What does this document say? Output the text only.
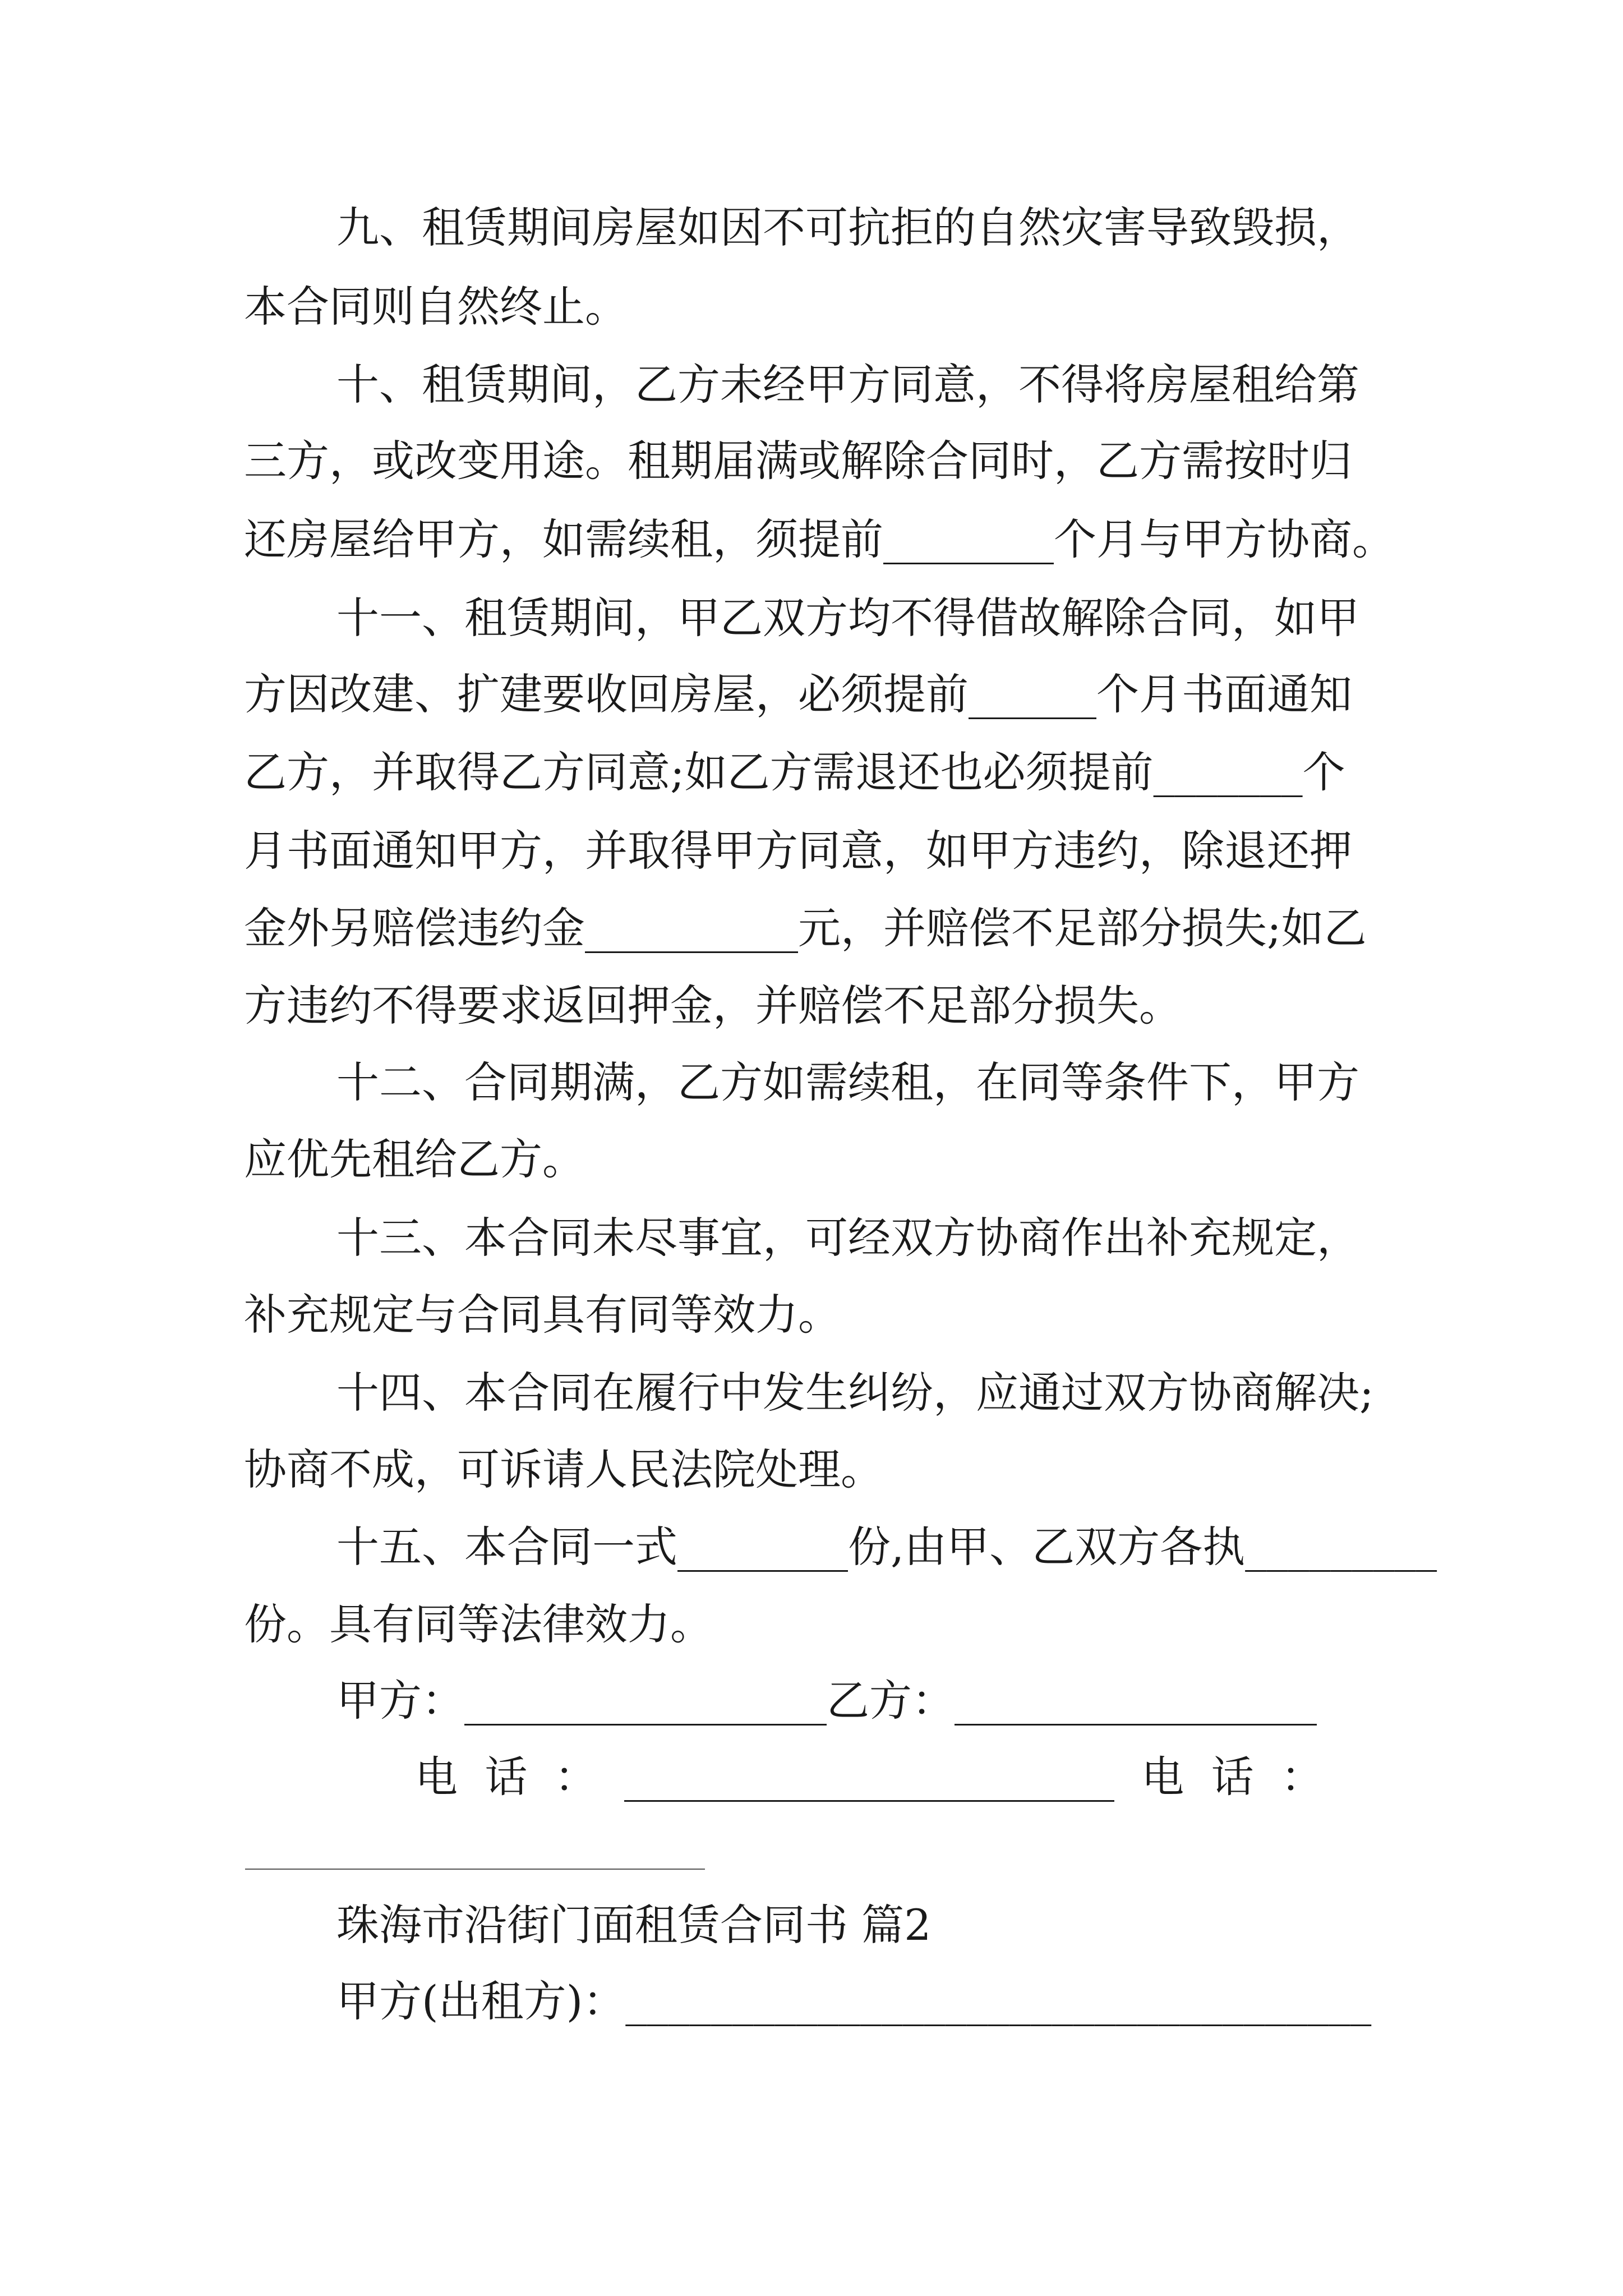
九、租赁期间房屋如因不可抗拒的自然灾害导致毁损，
本合同则自然终止。
十、租赁期间，乙方未经甲方同意，不得将房屋租给第
三方，或改变用途。租期届满或解除合同时，乙方需按时归
还房屋给甲方，如需续租，须提前________个月与甲方协商。
十一、租赁期间，甲乙双方均不得借故解除合同，如甲
方因改建、扩建要收回房屋，必须提前______个月书面通知
乙方，并取得乙方同意;如乙方需退还也必须提前_______个
月书面通知甲方，并取得甲方同意，如甲方违约，除退还押
金外另赔偿违约金__________元，并赔偿不足部分损失;如乙
方违约不得要求返回押金，并赔偿不足部分损失。
十二、合同期满，乙方如需续租，在同等条件下，甲方
应优先租给乙方。
十三、本合同未尽事宜，可经双方协商作出补充规定，
补充规定与合同具有同等效力。
十四、本合同在履行中发生纠纷，应通过双方协商解决;
协商不成，可诉请人民法院处理。
十五、本合同一式________份,由甲、乙双方各执_________
份。具有同等法律效力。
甲方：_________________乙方：_________________
电  话  ：  _______________________  电  话  ：
珠海市沿街门面租赁合同书 篇2
甲方(出租方)：___________________________________
